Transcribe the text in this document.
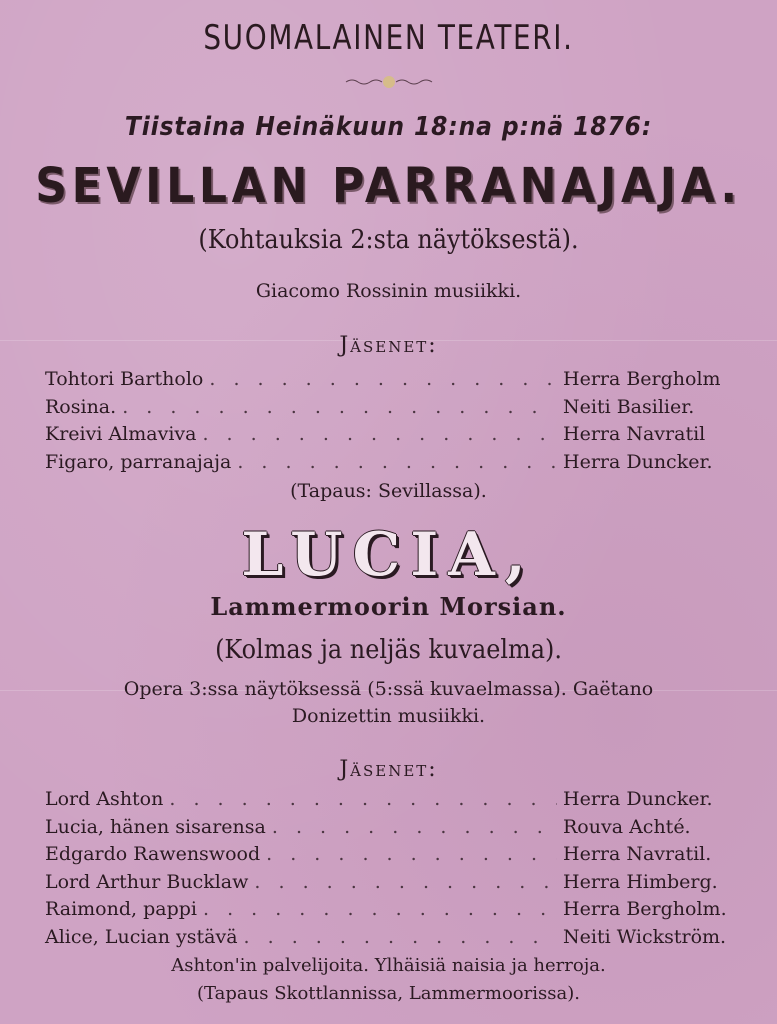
SUOMALAINEN TEATERI.
Tiistaina Heinäkuun 18:na p:nä 1876:
SEVILLAN PARRANAJAJA.
(Kohtauksia 2:sta näytöksestä).
Giacomo Rossinin musiikki.
Jäsenet:
Tohtori Bartholo . . .	Herra Bergholm
Rosina. . . .	Neiti Basilier.
Kreivi Almaviva . . .	Herra Navratil
Figaro, parranajaja . . .	Herra Duncker.
(Tapaus: Sevillassa).
LUCIA,
Lammermoorin Morsian.
(Kolmas ja neljäs kuvaelma).
Opera 3:ssa näytöksessä (5:ssä kuvaelmassa). Gaëtano
Donizettin musiikki.
Jäsenet:
Lord Ashton . . .	Herra Duncker.
Lucia, hänen sisarensa . . .	Rouva Achté.
Edgardo Rawenswood . . .	Herra Navratil.
Lord Arthur Bucklaw . . .	Herra Himberg.
Raimond, pappi . . .	Herra Bergholm.
Alice, Lucian ystävä . . .	Neiti Wickström.
Ashton'in palvelijoita. Ylhäisiä naisia ja herroja.
(Tapaus Skottlannissa, Lammermoorissa).
